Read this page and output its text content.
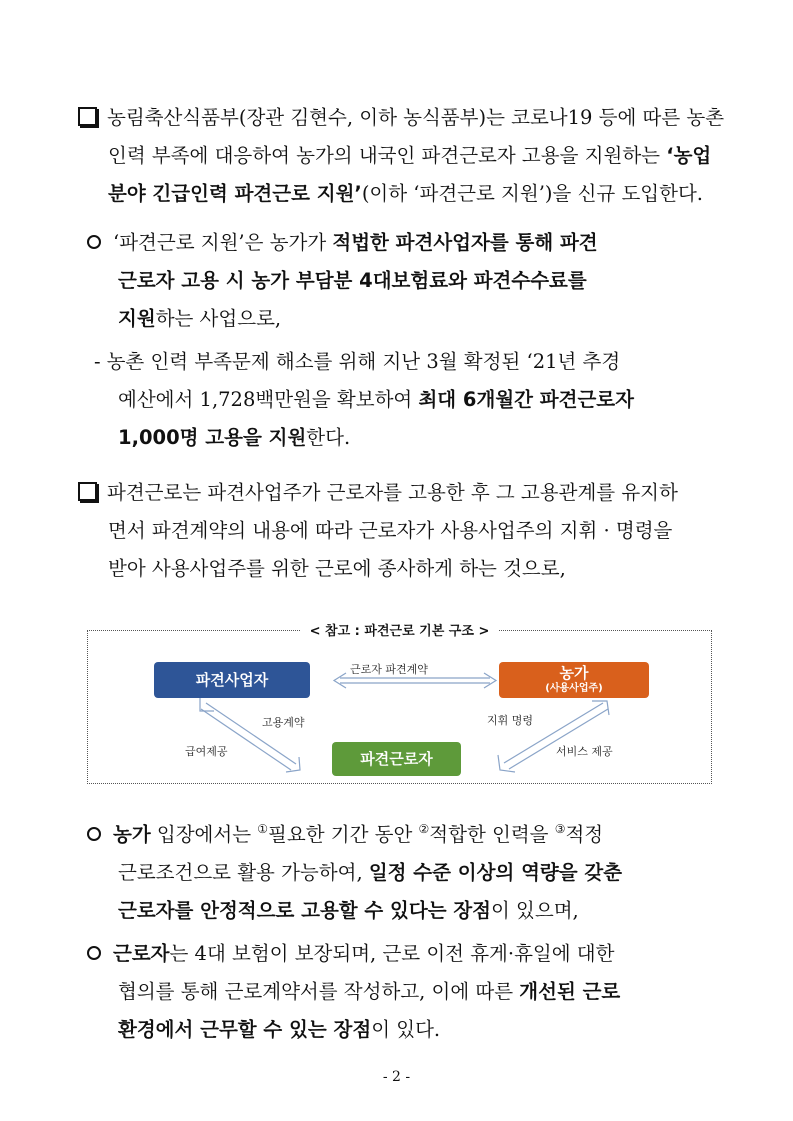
농림축산식품부(장관 김현수, 이하 농식품부)는 코로나19 등에 따른 농촌
인력 부족에 대응하여 농가의 내국인 파견근로자 고용을 지원하는 ‘농업
분야 긴급인력 파견근로 지원’(이하 ‘파견근로 지원’)을 신규 도입한다.
‘파견근로 지원’은 농가가 적법한 파견사업자를 통해 파견
근로자 고용 시 농가 부담분 4대보험료와 파견수수료를
지원하는 사업으로,
- 농촌 인력 부족문제 해소를 위해 지난 3월 확정된 ‘21년 추경
예산에서 1,728백만원을 확보하여 최대 6개월간 파견근로자
1,000명 고용을 지원한다.
파견근로는 파견사업주가 근로자를 고용한 후 그 고용관계를 유지하
면서 파견계약의 내용에 따라 근로자가 사용사업주의 지휘 · 명령을
받아 사용사업주를 위한 근로에 종사하게 하는 것으로,
< 참고 : 파견근로 기본 구조 >
파견사업자	농가
(사용사업주)
파견근로자
근로자 파견계약
고용계약
급여제공
지휘 명령
서비스 제공
농가 입장에서는 ①필요한 기간 동안 ②적합한 인력을 ③적정
근로조건으로 활용 가능하여, 일정 수준 이상의 역량을 갖춘
근로자를 안정적으로 고용할 수 있다는 장점이 있으며,
근로자는 4대 보험이 보장되며, 근로 이전 휴게·휴일에 대한
협의를 통해 근로계약서를 작성하고, 이에 따른 개선된 근로
환경에서 근무할 수 있는 장점이 있다.
- 2 -
